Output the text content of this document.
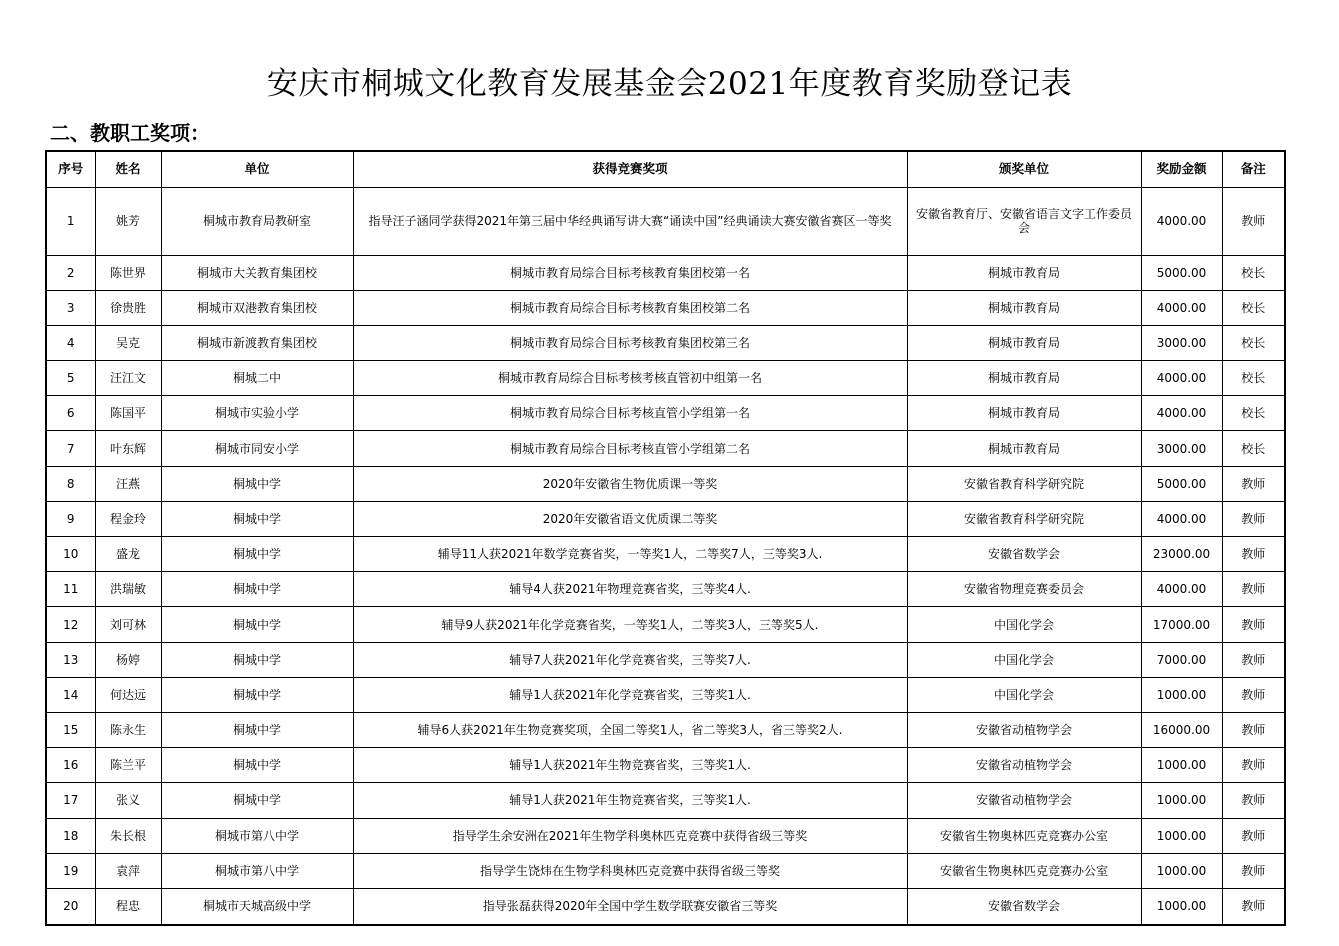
安庆市桐城文化教育发展基金会2021年度教育奖励登记表
二、教职工奖项：
序号	姓名	单位	获得竞赛奖项	颁奖单位	奖励金额	备注
1	姚芳	桐城市教育局教研室	指导汪子涵同学获得2021年第三届中华经典诵写讲大赛“诵读中国”经典诵读大赛安徽省赛区一等奖	安徽省教育厅、安徽省语言文字工作委员会	4000.00	教师
2	陈世界	桐城市大关教育集团校	桐城市教育局综合目标考核教育集团校第一名	桐城市教育局	5000.00	校长
3	徐贵胜	桐城市双港教育集团校	桐城市教育局综合目标考核教育集团校第二名	桐城市教育局	4000.00	校长
4	吴克	桐城市新渡教育集团校	桐城市教育局综合目标考核教育集团校第三名	桐城市教育局	3000.00	校长
5	汪江文	桐城二中	桐城市教育局综合目标考核考核直管初中组第一名	桐城市教育局	4000.00	校长
6	陈国平	桐城市实验小学	桐城市教育局综合目标考核直管小学组第一名	桐城市教育局	4000.00	校长
7	叶东辉	桐城市同安小学	桐城市教育局综合目标考核直管小学组第二名	桐城市教育局	3000.00	校长
8	汪燕	桐城中学	2020年安徽省生物优质课一等奖	安徽省教育科学研究院	5000.00	教师
9	程金玲	桐城中学	2020年安徽省语文优质课二等奖	安徽省教育科学研究院	4000.00	教师
10	盛龙	桐城中学	辅导11人获2021年数学竞赛省奖，一等奖1人，二等奖7人，三等奖3人.	安徽省数学会	23000.00	教师
11	洪瑞敏	桐城中学	辅导4人获2021年物理竞赛省奖，三等奖4人.	安徽省物理竞赛委员会	4000.00	教师
12	刘可林	桐城中学	辅导9人获2021年化学竞赛省奖，一等奖1人，二等奖3人，三等奖5人.	中国化学会	17000.00	教师
13	杨婷	桐城中学	辅导7人获2021年化学竞赛省奖，三等奖7人.	中国化学会	7000.00	教师
14	何达远	桐城中学	辅导1人获2021年化学竞赛省奖，三等奖1人.	中国化学会	1000.00	教师
15	陈永生	桐城中学	辅导6人获2021年生物竞赛奖项，全国二等奖1人，省二等奖3人，省三等奖2人.	安徽省动植物学会	16000.00	教师
16	陈兰平	桐城中学	辅导1人获2021年生物竞赛省奖，三等奖1人.	安徽省动植物学会	1000.00	教师
17	张义	桐城中学	辅导1人获2021年生物竞赛省奖，三等奖1人.	安徽省动植物学会	1000.00	教师
18	朱长根	桐城市第八中学	指导学生余安洲在2021年生物学科奥林匹克竞赛中获得省级三等奖	安徽省生物奥林匹克竞赛办公室	1000.00	教师
19	袁萍	桐城市第八中学	指导学生饶炜在生物学科奥林匹克竞赛中获得省级三等奖	安徽省生物奥林匹克竞赛办公室	1000.00	教师
20	程忠	桐城市天城高级中学	指导张磊获得2020年全国中学生数学联赛安徽省三等奖	安徽省数学会	1000.00	教师
